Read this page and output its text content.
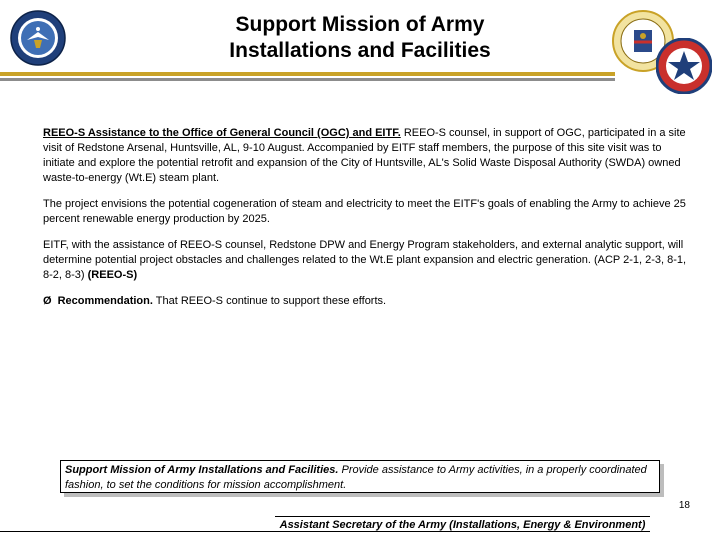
Support Mission of Army
Installations and Facilities

REEO-S Assistance to the Office of General Council (OGC) and EITF. REEO-S counsel, in support of OGC, participated in a site visit of Redstone Arsenal, Huntsville, AL, 9-10 August. Accompanied by EITF staff members, the purpose of this site visit was to initiate and explore the potential retrofit and expansion of the City of Huntsville, AL's Solid Waste Disposal Authority (SWDA) owned waste-to-energy (Wt.E) steam plant.

The project envisions the potential cogeneration of steam and electricity to meet the EITF's goals of enabling the Army to achieve 25 percent renewable energy production by 2025.

EITF, with the assistance of REEO-S counsel, Redstone DPW and Energy Program stakeholders, and external analytic support, will determine potential project obstacles and challenges related to the Wt.E plant expansion and electric generation. (ACP 2-1, 2-3, 8-1, 8-2, 8-3) (REEO-S)

Ø Recommendation. That REEO-S continue to support these efforts.

Support Mission of Army Installations and Facilities. Provide assistance to Army activities, in a properly coordinated fashion, to set the conditions for mission accomplishment.
18
Assistant Secretary of the Army (Installations, Energy & Environment)
